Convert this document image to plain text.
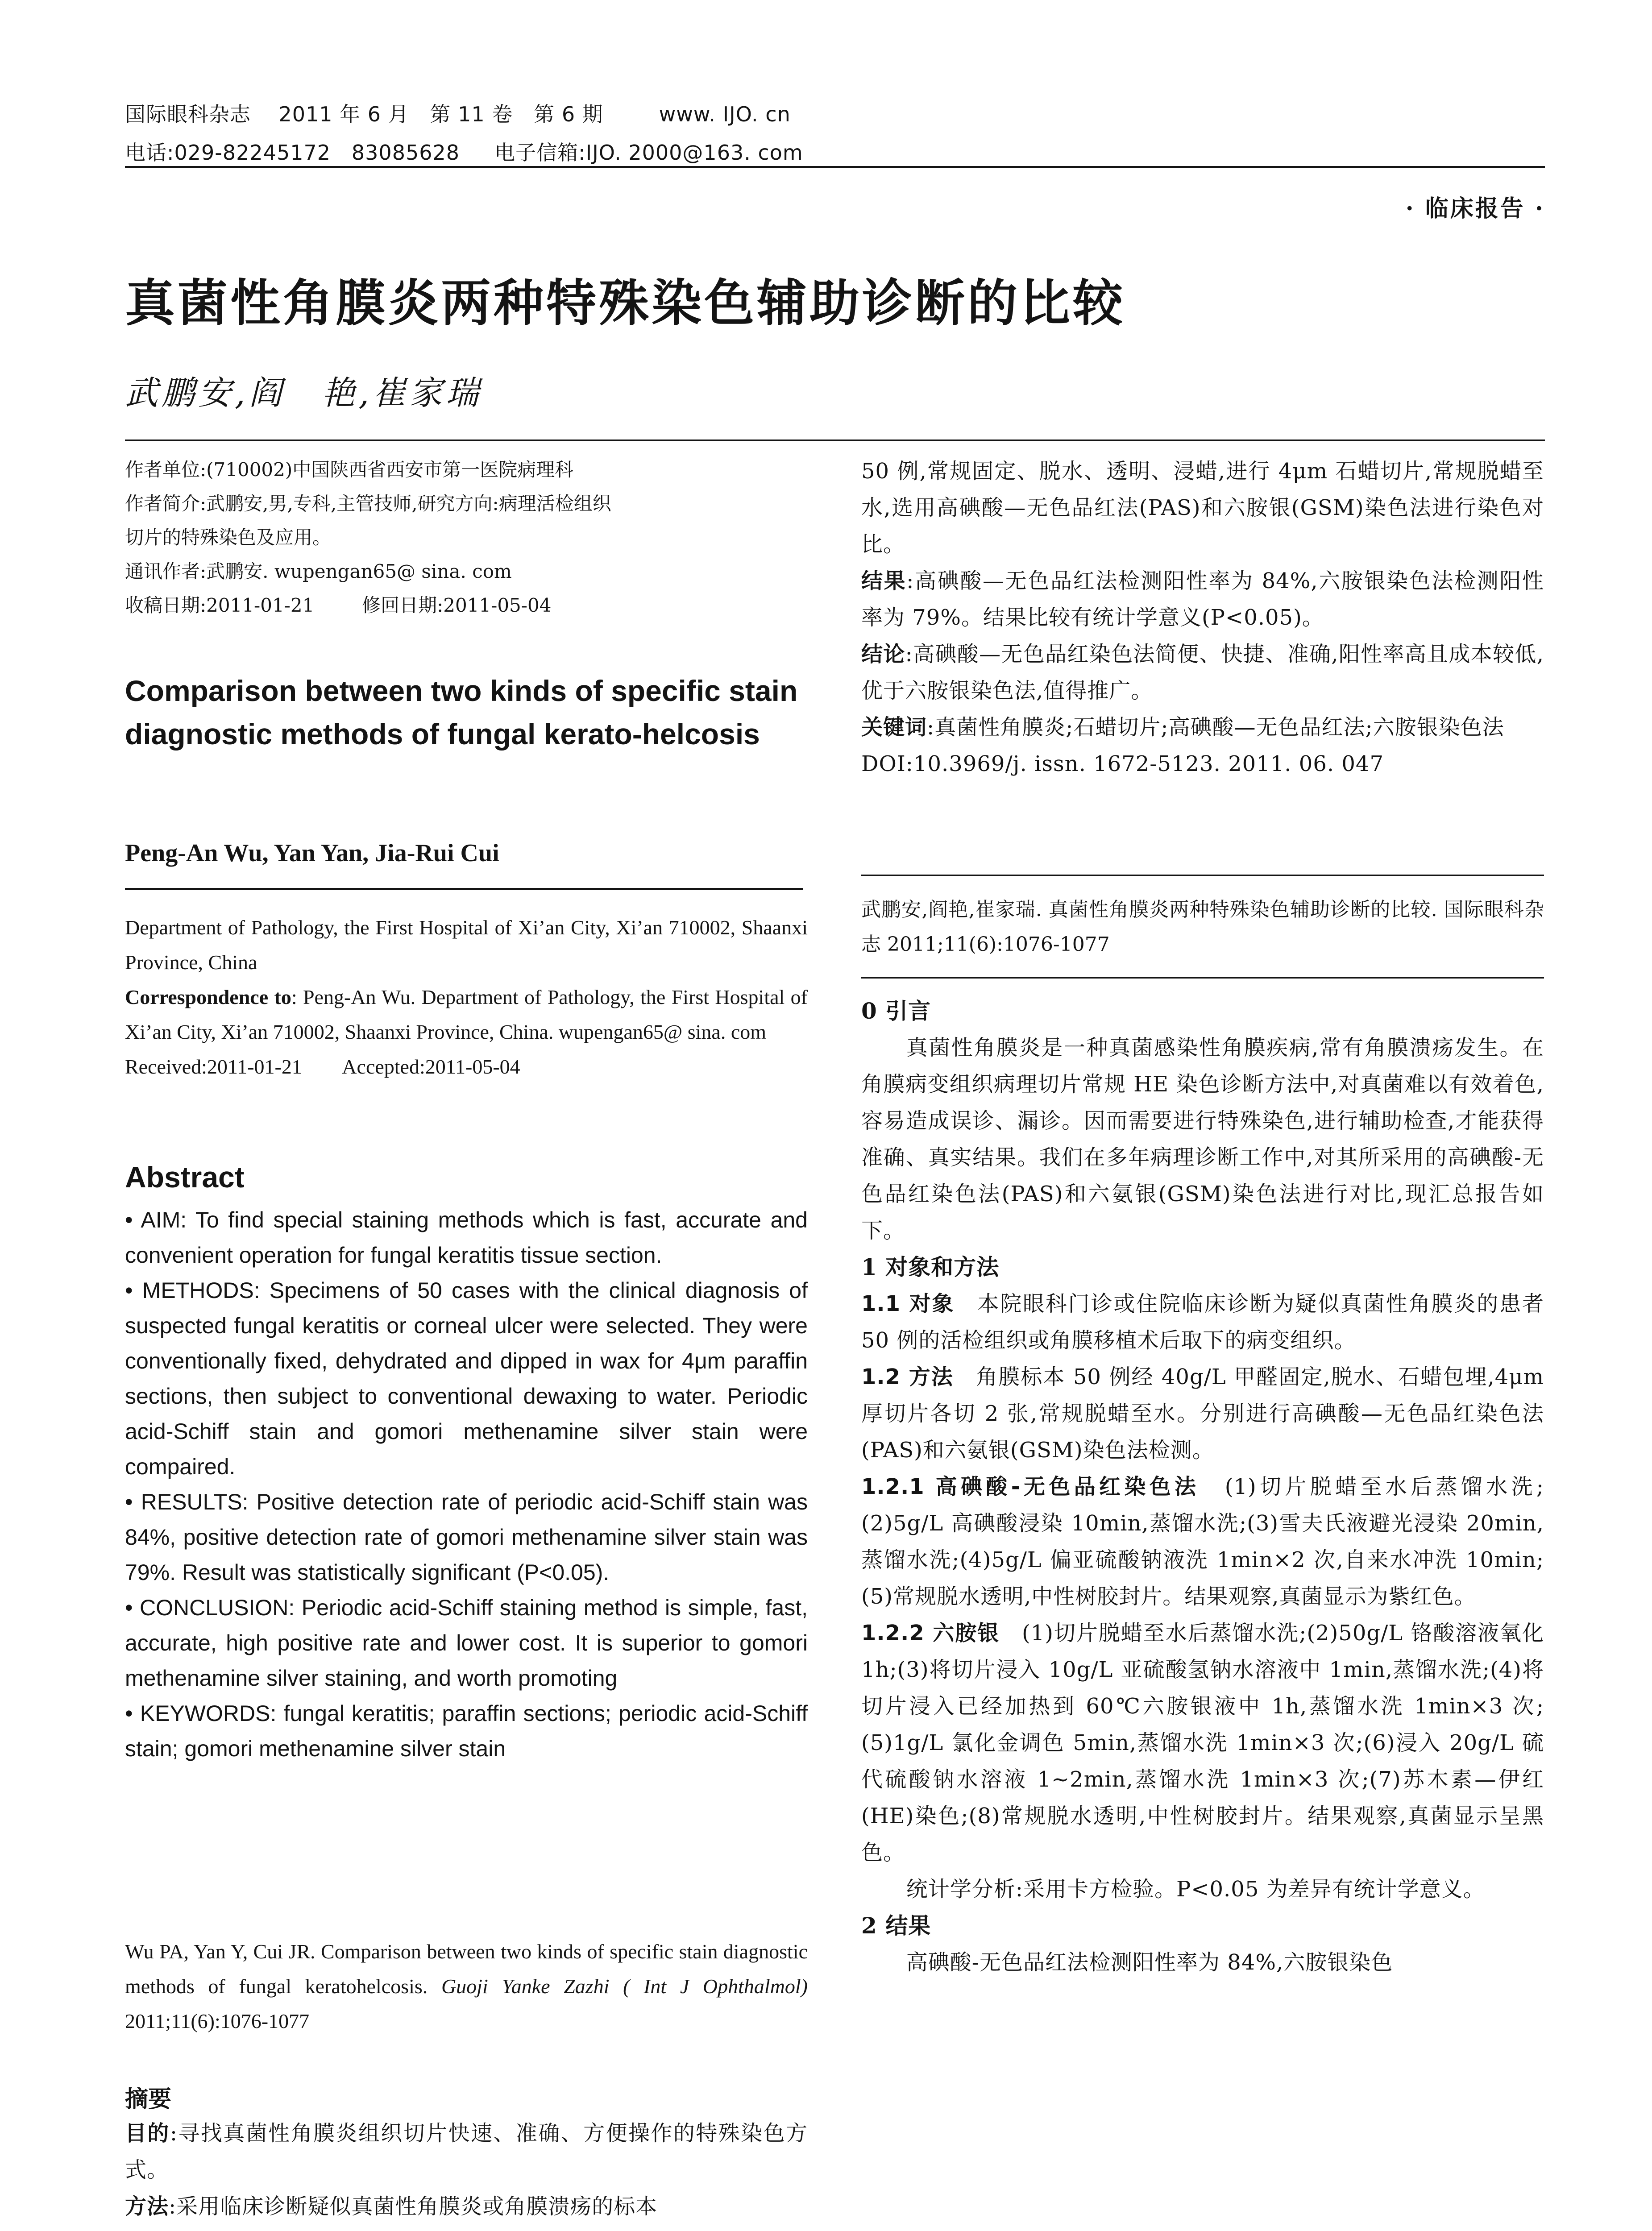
国际眼科杂志    2011 年 6 月   第 11 卷   第 6 期        www. IJO. cn
电话:029-82245172   83085628     电子信箱:IJO. 2000@163. com
· 临床报告 ·
真菌性角膜炎两种特殊染色辅助诊断的比较
武鹏安,阎　艳,崔家瑞

作者单位:(710002)中国陕西省西安市第一医院病理科

作者简介:武鹏安,男,专科,主管技师,研究方向:病理活检组织

切片的特殊染色及应用。

通讯作者:武鹏安. wupengan65@ sina. com

收稿日期:2011-01-21        修回日期:2011-05-04

Comparison between two kinds of specific stain diagnostic methods of fungal kerato-helcosis
Peng-An Wu, Yan Yan, Jia-Rui Cui

Department of Pathology, the First Hospital of Xi’an City, Xi’an 710002, Shaanxi Province, China

Correspondence to: Peng-An Wu. Department of Pathology, the First Hospital of Xi’an City, Xi’an 710002, Shaanxi Province, China. wupengan65@ sina. com

Received:2011-01-21        Accepted:2011-05-04

Abstract

• AIM: To find special staining methods which is fast, accurate and convenient operation for fungal keratitis tissue section.

• METHODS: Specimens of 50 cases with the clinical diagnosis of suspected fungal keratitis or corneal ulcer were selected. They were conventionally fixed, dehydrated and dipped in wax for 4μm paraffin sections, then subject to conventional dewaxing to water. Periodic acid-Schiff stain and gomori methenamine silver stain were compaired.

• RESULTS: Positive detection rate of periodic acid-Schiff stain was 84%, positive detection rate of gomori methenamine silver stain was 79%. Result was statistically significant (P<0.05).

• CONCLUSION: Periodic acid-Schiff staining method is simple, fast, accurate, high positive rate and lower cost. It is superior to gomori methenamine silver staining, and worth promoting

• KEYWORDS: fungal keratitis; paraffin sections; periodic acid-Schiff stain; gomori methenamine silver stain

Wu PA, Yan Y, Cui JR. Comparison between two kinds of specific stain diagnostic methods of fungal keratohelcosis. Guoji Yanke Zazhi ( Int J Ophthalmol) 2011;11(6):1076-1077
摘要

目的:寻找真菌性角膜炎组织切片快速、准确、方便操作的特殊染色方式。

方法:采用临床诊断疑似真菌性角膜炎或角膜溃疡的标本

50 例,常规固定、脱水、透明、浸蜡,进行 4μm 石蜡切片,常规脱蜡至水,选用高碘酸—无色品红法(PAS)和六胺银(GSM)染色法进行染色对比。

结果:高碘酸—无色品红法检测阳性率为 84%,六胺银染色法检测阳性率为 79%。结果比较有统计学意义(P<0.05)。

结论:高碘酸—无色品红染色法简便、快捷、准确,阳性率高且成本较低,优于六胺银染色法,值得推广。

关键词:真菌性角膜炎;石蜡切片;高碘酸—无色品红法;六胺银染色法

DOI:10.3969/j. issn. 1672-5123. 2011. 06. 047

武鹏安,阎艳,崔家瑞. 真菌性角膜炎两种特殊染色辅助诊断的比较. 国际眼科杂志 2011;11(6):1076-1077

0 引言

真菌性角膜炎是一种真菌感染性角膜疾病,常有角膜溃疡发生。在角膜病变组织病理切片常规 HE 染色诊断方法中,对真菌难以有效着色,容易造成误诊、漏诊。因而需要进行特殊染色,进行辅助检查,才能获得准确、真实结果。我们在多年病理诊断工作中,对其所采用的高碘酸-无色品红染色法(PAS)和六氨银(GSM)染色法进行对比,现汇总报告如下。

1 对象和方法

1.1 对象　本院眼科门诊或住院临床诊断为疑似真菌性角膜炎的患者 50 例的活检组织或角膜移植术后取下的病变组织。

1.2 方法　角膜标本 50 例经 40g/L 甲醛固定,脱水、石蜡包埋,4μm 厚切片各切 2 张,常规脱蜡至水。分别进行高碘酸—无色品红染色法(PAS)和六氨银(GSM)染色法检测。

1.2.1 高碘酸-无色品红染色法　(1)切片脱蜡至水后蒸馏水洗;(2)5g/L 高碘酸浸染 10min,蒸馏水洗;(3)雪夫氏液避光浸染 20min,蒸馏水洗;(4)5g/L 偏亚硫酸钠液洗 1min×2 次,自来水冲洗 10min;(5)常规脱水透明,中性树胶封片。结果观察,真菌显示为紫红色。

1.2.2 六胺银　(1)切片脱蜡至水后蒸馏水洗;(2)50g/L 铬酸溶液氧化 1h;(3)将切片浸入 10g/L 亚硫酸氢钠水溶液中 1min,蒸馏水洗;(4)将切片浸入已经加热到 60℃六胺银液中 1h,蒸馏水洗 1min×3 次;(5)1g/L 氯化金调色 5min,蒸馏水洗 1min×3 次;(6)浸入 20g/L 硫代硫酸钠水溶液 1~2min,蒸馏水洗 1min×3 次;(7)苏木素—伊红(HE)染色;(8)常规脱水透明,中性树胶封片。结果观察,真菌显示呈黑色。

统计学分析:采用卡方检验。P<0.05 为差异有统计学意义。

2 结果

高碘酸-无色品红法检测阳性率为 84%,六胺银染色
